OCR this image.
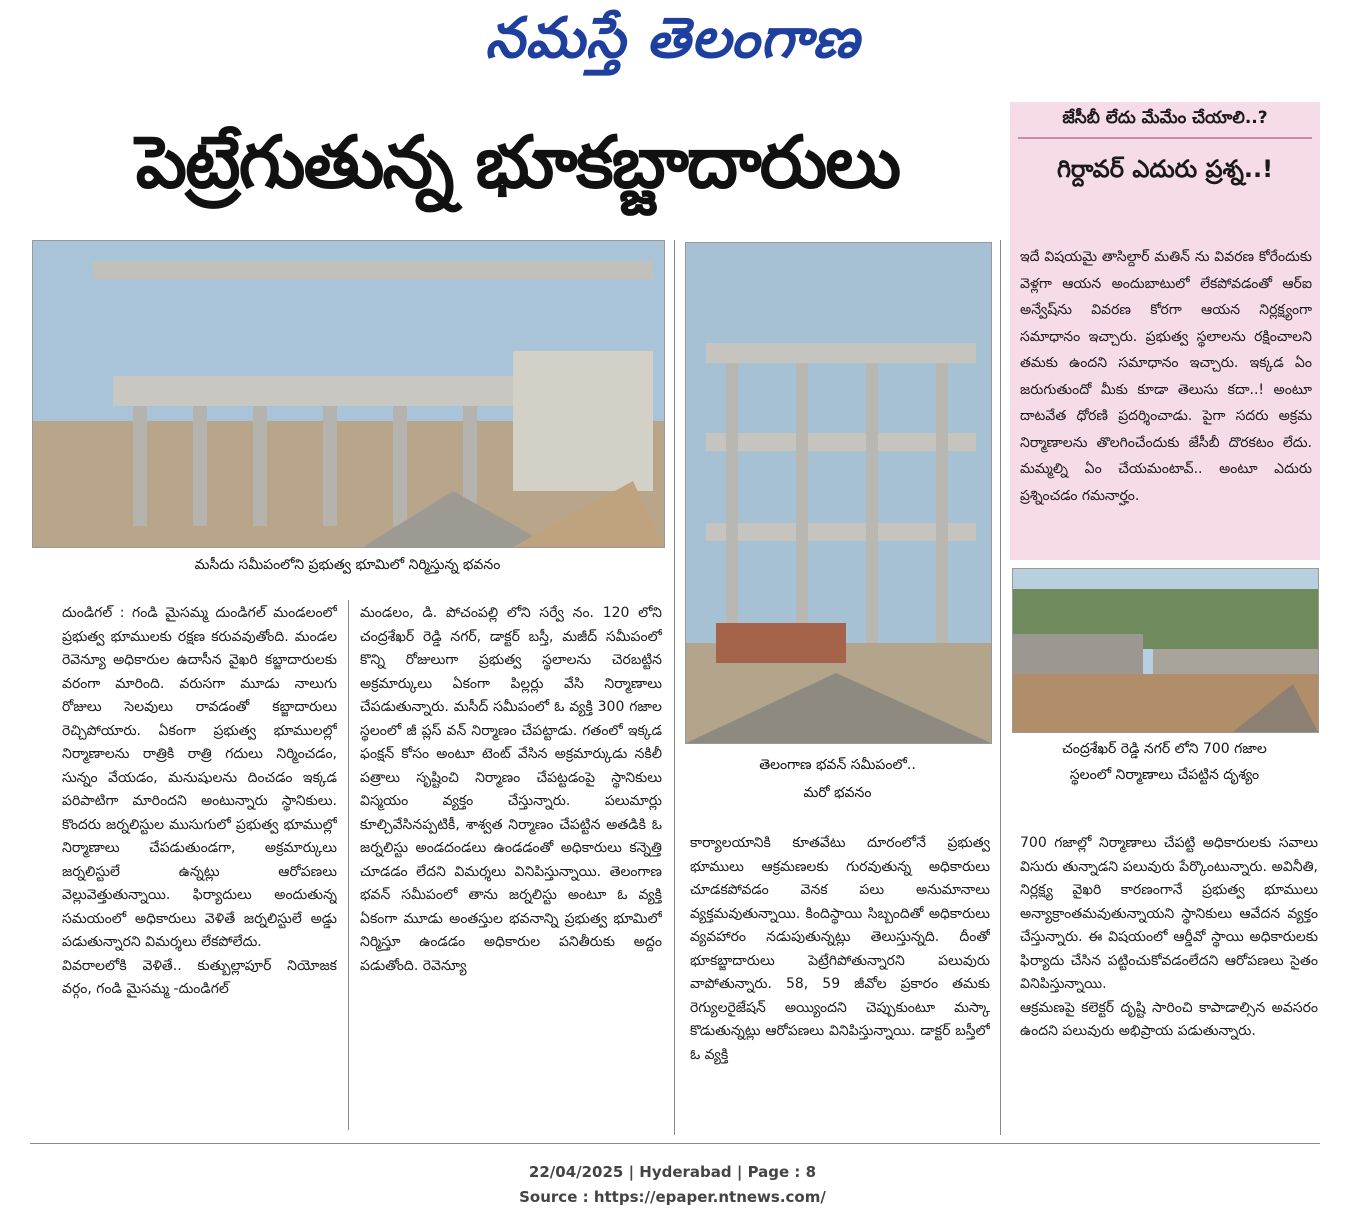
నమస్తే తెలంగాణ
పెట్రేగుతున్న భూకబ్జాదారులు
మసీదు సమీపంలోని ప్రభుత్వ భూమిలో నిర్మిస్తున్న భవనం
తెలంగాణ భవన్ సమీపంలో..
మరో భవనం
జేసీబీ లేదు మేమేం చేయాలి..?
గిర్దావర్ ఎదురు ప్రశ్న..!
ఇదే విషయమై తాసిల్దార్ మతిన్ ను వివరణ కోరేందుకు వెళ్లగా ఆయన అందుబాటులో లేకపోవడంతో ఆర్ఐ అన్వేష్‌ను వివరణ కోరగా ఆయన నిర్లక్ష్యంగా సమాధానం ఇచ్చారు. ప్రభుత్వ స్థలాలను రక్షించాలని తమకు ఉందని సమాధానం ఇచ్చారు. ఇక్కడ ఏం జరుగుతుందో మీకు కూడా తెలుసు కదా..! అంటూ దాటవేత ధోరణి ప్రదర్శించాడు. పైగా సదరు అక్రమ నిర్మాణాలను తొలగించేందుకు జేసీబీ దొరకటం లేదు. మమ్మల్ని ఏం చేయమంటావ్.. అంటూ ఎదురు ప్రశ్నించడం గమనార్హం.
చంద్రశేఖర్ రెడ్డి నగర్ లోని 700 గజాల
స్థలంలో నిర్మాణాలు చేపట్టిన దృశ్యం

దుండిగల్ : గండి మైసమ్మ దుండిగల్ మండలంలో ప్రభుత్వ భూములకు రక్షణ కరువవుతోంది. మండల రెవెన్యూ అధికారుల ఉదాసీన వైఖరి కబ్జాదారులకు వరంగా మారింది. వరుసగా మూడు నాలుగు రోజులు సెలవులు రావడంతో కబ్జాదారులు రెచ్చిపోయారు. ఏకంగా ప్రభుత్వ భూములల్లో నిర్మాణాలను రాత్రికి రాత్రి గదులు నిర్మించడం, సున్నం వేయడం, మనుషులను దించడం ఇక్కడ పరిపాటిగా మారిందని అంటున్నారు స్థానికులు. కొందరు జర్నలిస్టుల ముసుగులో ప్రభుత్వ భూముల్లో నిర్మాణాలు చేపడుతుండగా, అక్రమార్కులు జర్నలిస్టులే ఉన్నట్లు ఆరోపణలు వెల్లువెత్తుతున్నాయి. ఫిర్యాదులు అందుతున్న సమయంలో అధికారులు వెళితే జర్నలిస్టులే అడ్డు పడుతున్నారని విమర్శలు లేకపోలేదు.

వివరాలలోకి వెళితే.. కుత్బుల్లాపూర్ నియోజక వర్గం, గండి మైసమ్మ -దుండిగల్

మండలం, డి. పోచంపల్లి లోని సర్వే నం. 120 లోని చంద్రశేఖర్ రెడ్డి నగర్, డాక్టర్ బస్తీ, మజీద్ సమీపంలో కొన్ని రోజులుగా ప్రభుత్వ స్థలాలను చెరబట్టిన అక్రమార్కులు ఏకంగా పిల్లర్లు వేసి నిర్మాణాలు చేపడుతున్నారు. మసీద్ సమీపంలో ఓ వ్యక్తి 300 గజాల స్థలంలో జీ ప్లస్ వన్ నిర్మాణం చేపట్టాడు. గతంలో ఇక్కడ ఫంక్షన్ కోసం అంటూ టెంట్ వేసిన అక్రమార్కుడు నకిలీ పత్రాలు సృష్టించి నిర్మాణం చేపట్టడంపై స్థానికులు విస్మయం వ్యక్తం చేస్తున్నారు. పలుమార్లు కూల్చివేసినప్పటికీ, శాశ్వత నిర్మాణం చేపట్టిన అతడికి ఓ జర్నలిస్టు అండదండలు ఉండడంతో అధికారులు కన్నెత్తి చూడడం లేదని విమర్శలు వినిపిస్తున్నాయి. తెలంగాణ భవన్ సమీపంలో తాను జర్నలిస్టు అంటూ ఓ వ్యక్తి ఏకంగా మూడు అంతస్తుల భవనాన్ని ప్రభుత్వ భూమిలో నిర్మిస్తూ ఉండడం అధికారుల పనితీరుకు అద్దం పడుతోంది. రెవెన్యూ
కార్యాలయానికి కూతవేటు దూరంలోనే ప్రభుత్వ భూములు ఆక్రమణలకు గురవుతున్న అధికారులు చూడకపోవడం వెనక పలు అనుమానాలు వ్యక్తమవుతున్నాయి. కిందిస్థాయి సిబ్బందితో అధికారులు వ్యవహారం నడుపుతున్నట్లు తెలుస్తున్నది. దీంతో భూకబ్జాదారులు పెట్రేగిపోతున్నారని పలువురు వాపోతున్నారు. 58, 59 జీవోల ప్రకారం తమకు రెగ్యులరైజేషన్ అయ్యిందని చెప్పుకుంటూ మస్కా కొడుతున్నట్లు ఆరోపణలు వినిపిస్తున్నాయి. డాక్టర్ బస్తీలో ఓ వ్యక్తి

700 గజాల్లో నిర్మాణాలు చేపట్టి అధికారులకు సవాలు విసురు తున్నాడని పలువురు పేర్కొంటున్నారు. అవినీతి, నిర్లక్ష్య వైఖరి కారణంగానే ప్రభుత్వ భూములు అన్యాక్రాంతమవుతున్నాయని స్థానికులు ఆవేదన వ్యక్తం చేస్తున్నారు. ఈ విషయంలో ఆర్డీవో స్థాయి అధికారులకు ఫిర్యాదు చేసిన పట్టించుకోవడంలేదని ఆరోపణలు సైతం వినిపిస్తున్నాయి.

ఆక్రమణపై కలెక్టర్ దృష్టి సారించి కాపాడాల్సిన అవసరం ఉందని పలువురు అభిప్రాయ పడుతున్నారు.

22/04/2025 | Hyderabad | Page : 8
Source : https://epaper.ntnews.com/
